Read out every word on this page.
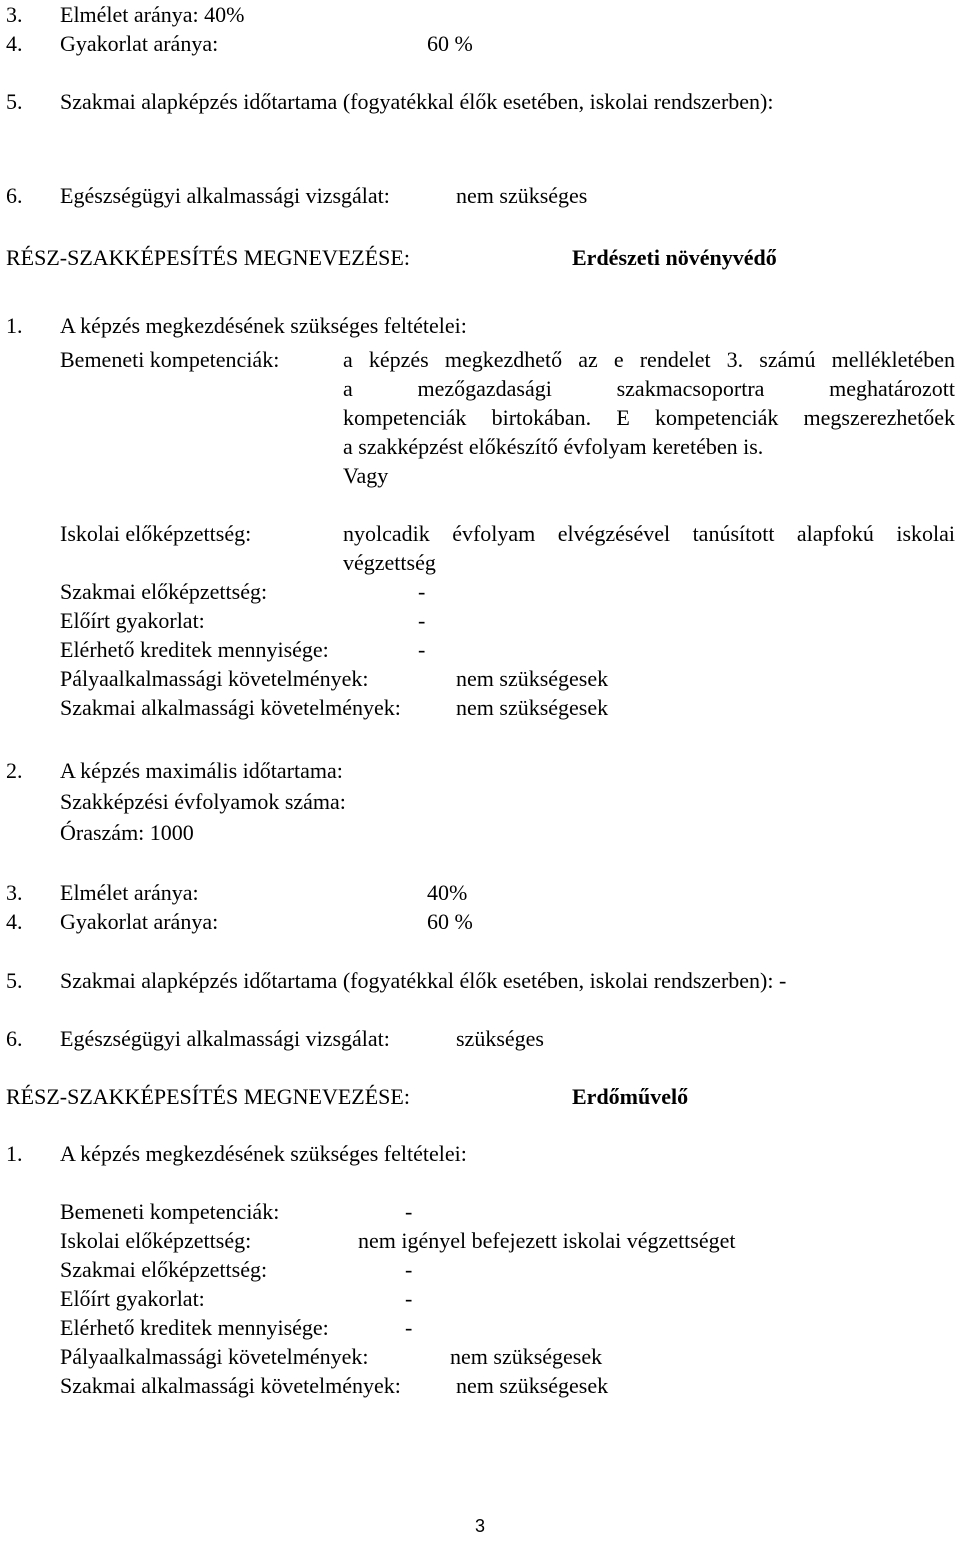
3. Elmélet aránya: 40%
4. Gyakorlat aránya:	60 %
5. Szakmai alapképzés időtartama (fogyatékkal élők esetében, iskolai rendszerben):
6. Egészségügyi alkalmassági vizsgálat:	nem szükséges
RÉSZ-SZAKKÉPESÍTÉS MEGNEVEZÉSE:	Erdészeti növényvédő
1. A képzés megkezdésének szükséges feltételei:
Bemeneti kompetenciák:	a képzés megkezdhető az e rendelet 3. számú mellékletében
a mezőgazdasági szakmacsoportra meghatározott
kompetenciák birtokában. E kompetenciák megszerezhetőek
a szakképzést előkészítő évfolyam keretében is.
Vagy
Iskolai előképzettség:	nyolcadik évfolyam elvégzésével tanúsított alapfokú iskolai
végzettség
Szakmai előképzettség:	-
Előírt gyakorlat:	-
Elérhető kreditek mennyisége:	-
Pályaalkalmassági követelmények:	nem szükségesek
Szakmai alkalmassági követelmények:	nem szükségesek
2. A képzés maximális időtartama:
Szakképzési évfolyamok száma:
Óraszám: 1000
3. Elmélet aránya:	40%
4. Gyakorlat aránya:	60 %
5. Szakmai alapképzés időtartama (fogyatékkal élők esetében, iskolai rendszerben): -
6. Egészségügyi alkalmassági vizsgálat:	szükséges
RÉSZ-SZAKKÉPESÍTÉS MEGNEVEZÉSE:	Erdőművelő
1. A képzés megkezdésének szükséges feltételei:
Bemeneti kompetenciák:	-
Iskolai előképzettség:	nem igényel befejezett iskolai végzettséget
Szakmai előképzettség:	-
Előírt gyakorlat:	-
Elérhető kreditek mennyisége:	-
Pályaalkalmassági követelmények:	nem szükségesek
Szakmai alkalmassági követelmények:	nem szükségesek
3
